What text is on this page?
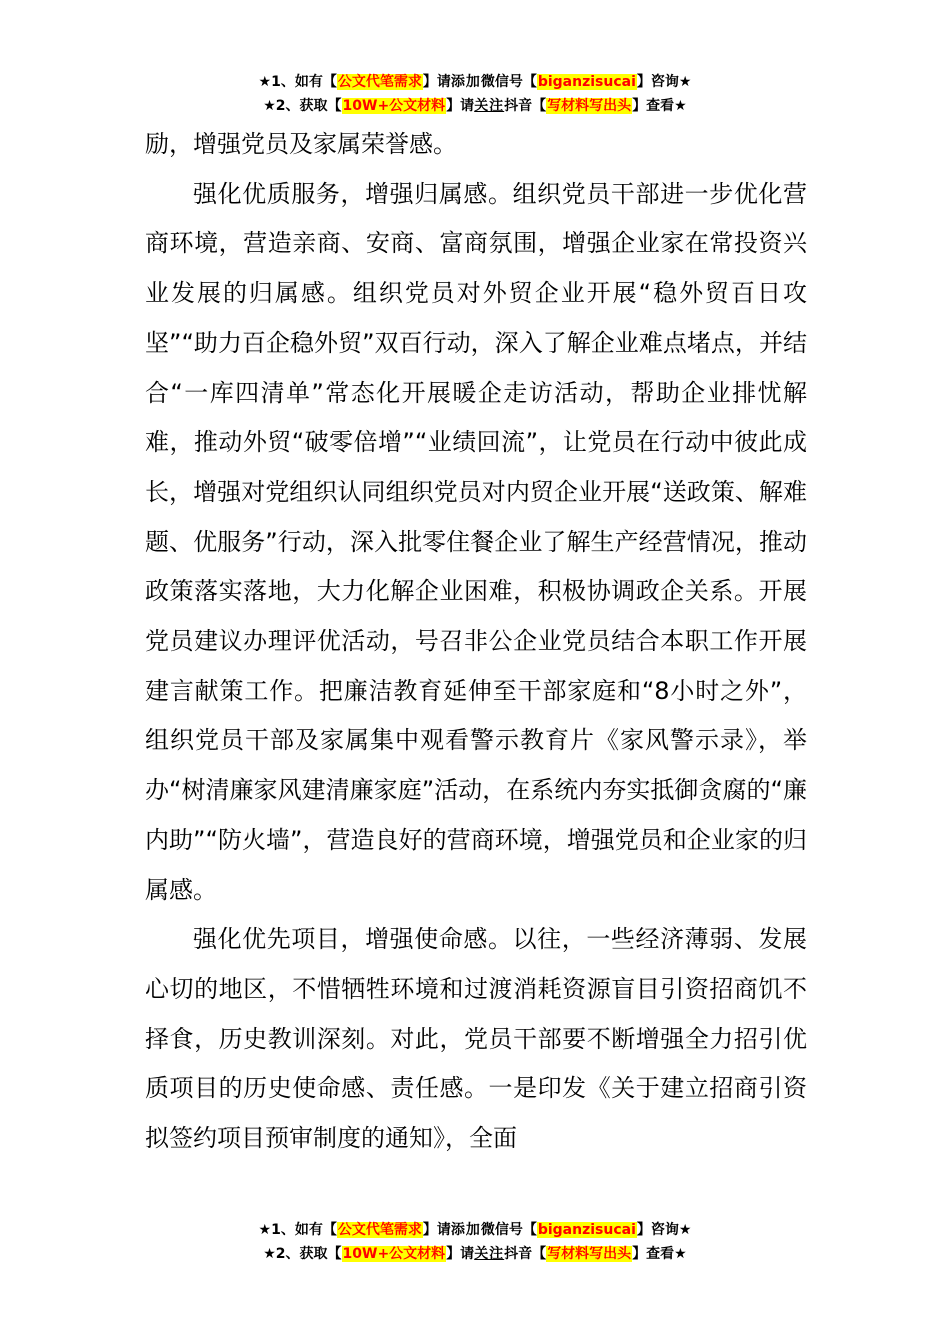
★1、如有【公文代笔需求】请添加微信号【biganzisucai】咨询★
★2、获取【10W+公文材料】请关注抖音【写材料写出头】查看★

励，增强党员及家属荣誉感。

强化优质服务，增强归属感。组织党员干部进一步优化营商环境，营造亲商、安商、富商氛围，增强企业家在常投资兴业发展的归属感。组织党员对外贸企业开展“稳外贸百日攻坚”“助力百企稳外贸”双百行动，深入了解企业难点堵点，并结合“一库四清单”常态化开展暖企走访活动，帮助企业排忧解难，推动外贸“破零倍增”“业绩回流”，让党员在行动中彼此成长，增强对党组织认同组织党员对内贸企业开展“送政策、解难题、优服务”行动，深入批零住餐企业了解生产经营情况，推动政策落实落地，大力化解企业困难，积极协调政企关系。开展党员建议办理评优活动，号召非公企业党员结合本职工作开展建言献策工作。把廉洁教育延伸至干部家庭和“8小时之外”，组织党员干部及家属集中观看警示教育片《家风警示录》，举办“树清廉家风建清廉家庭”活动，在系统内夯实抵御贪腐的“廉内助”“防火墙”，营造良好的营商环境，增强党员和企业家的归属感。

强化优先项目，增强使命感。以往，一些经济薄弱、发展心切的地区，不惜牺牲环境和过渡消耗资源盲目引资招商饥不择食，历史教训深刻。对此，党员干部要不断增强全力招引优质项目的历史使命感、责任感。一是印发《关于建立招商引资拟签约项目预审制度的通知》，全面

★1、如有【公文代笔需求】请添加微信号【biganzisucai】咨询★
★2、获取【10W+公文材料】请关注抖音【写材料写出头】查看★
